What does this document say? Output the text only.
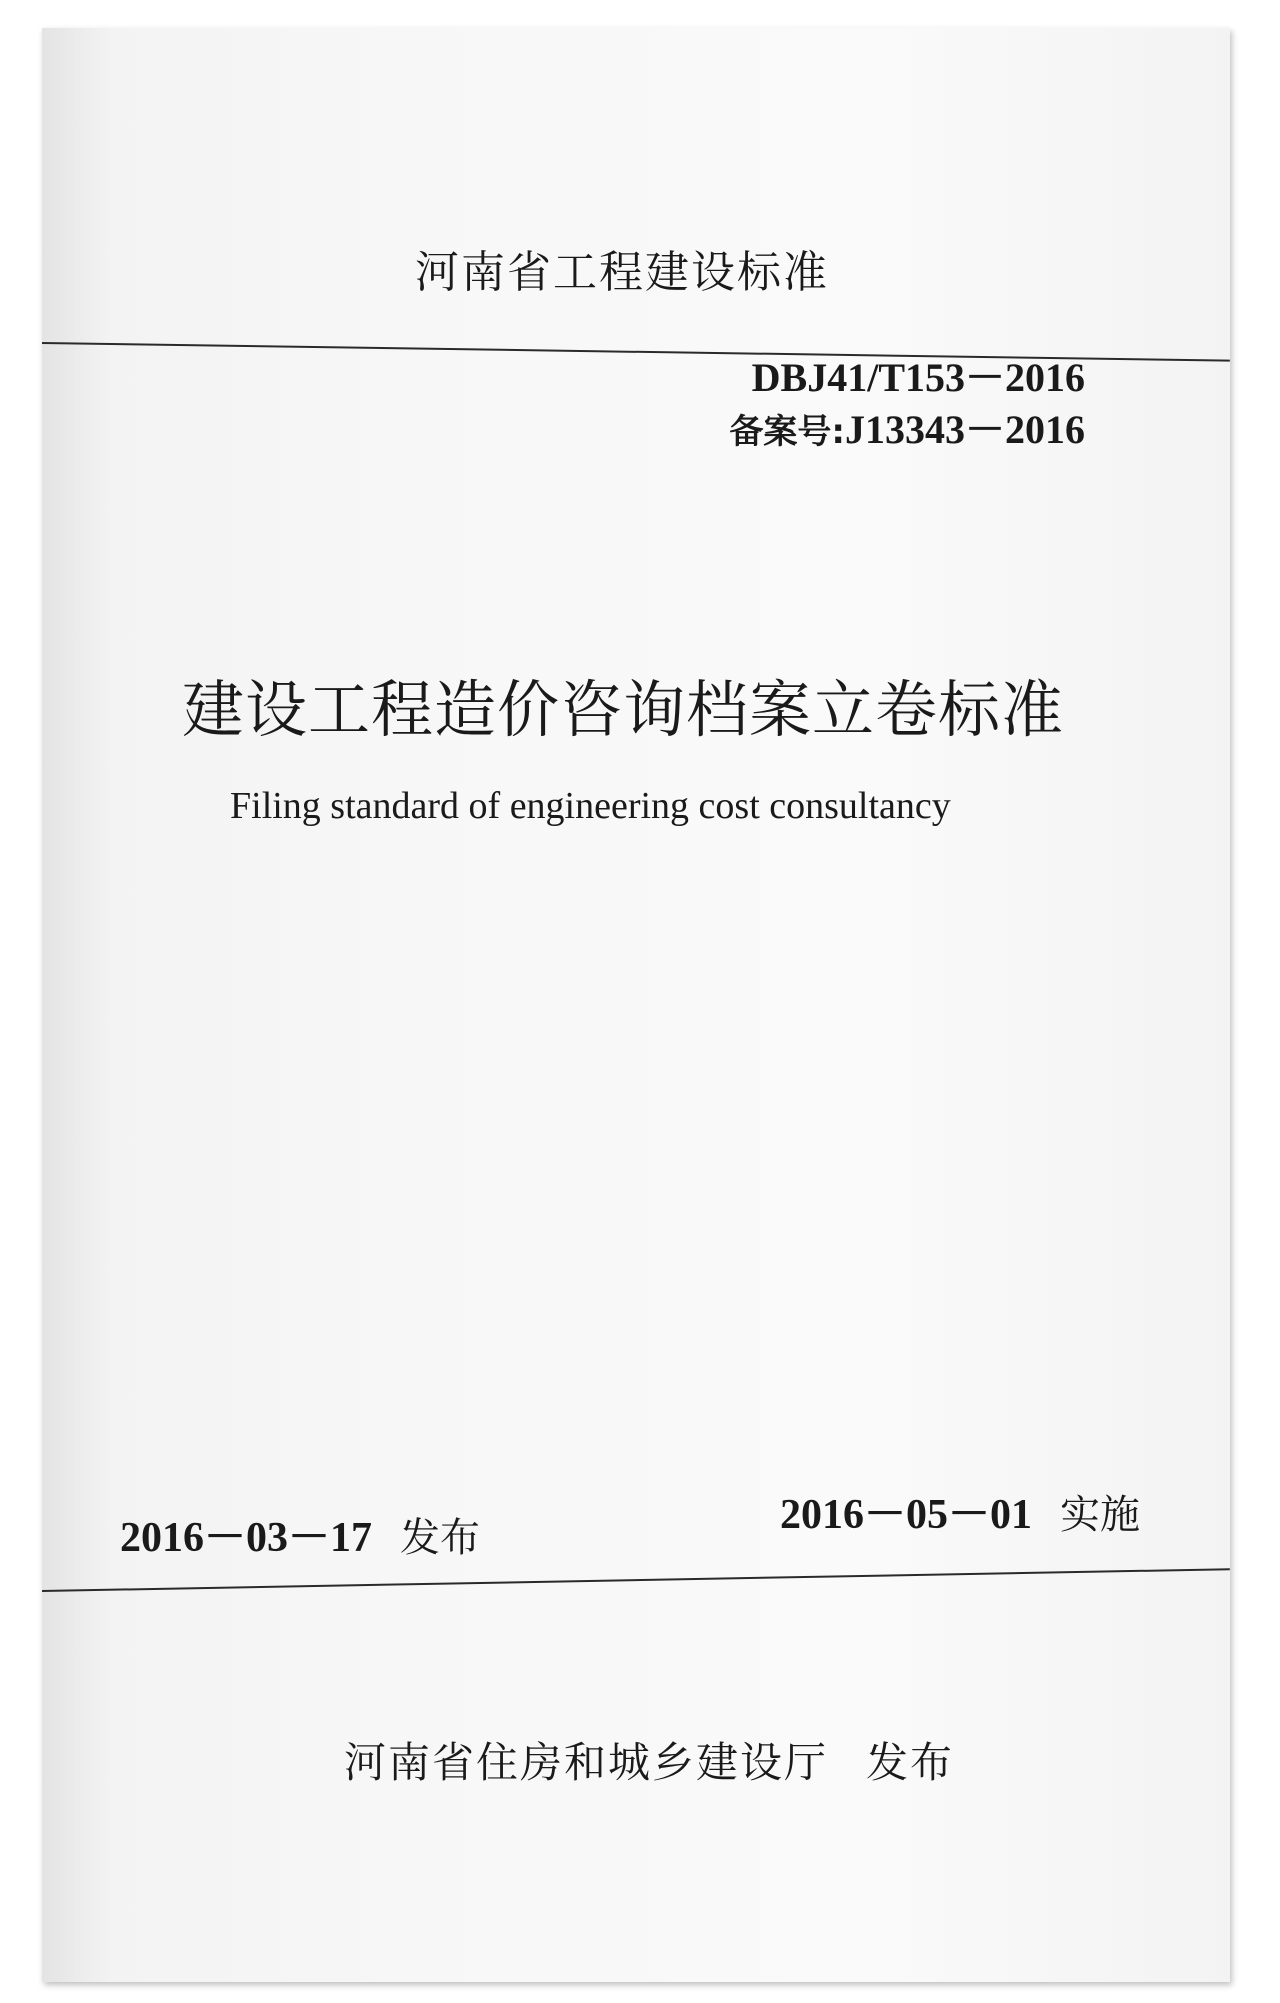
河南省工程建设标准
DBJ41/T153－2016
备案号:J13343－2016
建设工程造价咨询档案立卷标准
Filing standard of engineering cost consultancy
2016－03－17 发布	2016－05－01 实施
河南省住房和城乡建设厅 发布
